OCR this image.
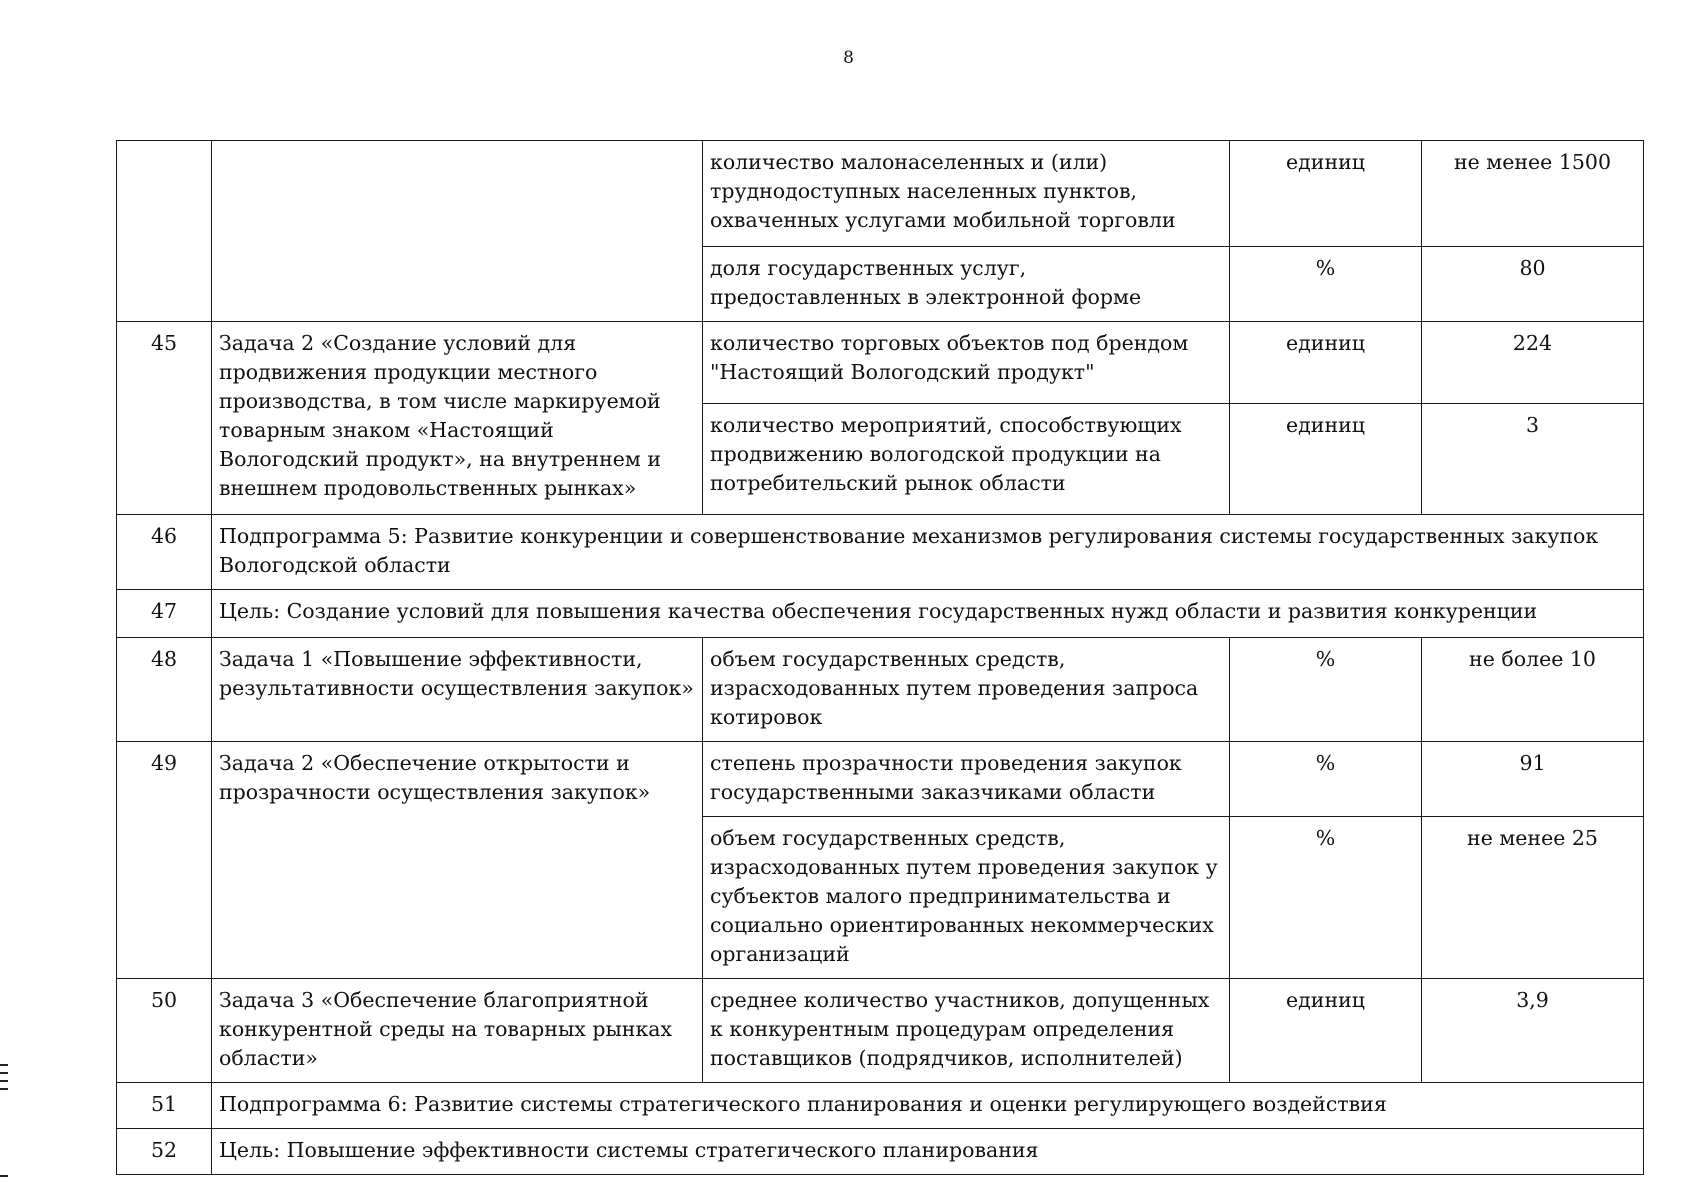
8
		количество малонаселенных и (или) труднодоступных населенных пунктов, охваченных услугами мобильной торговли	единиц	не менее 1500
		доля государственных услуг, предоставленных в электронной форме	%	80
45	Задача 2 «Создание условий для продвижения продукции местного производства, в том числе маркируемой товарным знаком «Настоящий Вологодский продукт», на внутреннем и внешнем продовольственных рынках»	количество торговых объектов под брендом "Настоящий Вологодский продукт"	единиц	224
		количество мероприятий, способствующих продвижению вологодской продукции на потребительский рынок области	единиц	3
46	Подпрограмма 5: Развитие конкуренции и совершенствование механизмов регулирования системы государственных закупок Вологодской области			
47	Цель: Создание условий для повышения качества обеспечения государственных нужд области и развития конкуренции			
48	Задача 1 «Повышение эффективности, результативности осуществления закупок»	объем государственных средств, израсходованных путем проведения запроса котировок	%	не более 10
49	Задача 2 «Обеспечение открытости и прозрачности осуществления закупок»	степень прозрачности проведения закупок государственными заказчиками области	%	91
		объем государственных средств, израсходованных путем проведения закупок у субъектов малого предпринимательства и социально ориентированных некоммерческих организаций	%	не менее 25
50	Задача 3 «Обеспечение благоприятной конкурентной среды на товарных рынках области»	среднее количество участников, допущенных к конкурентным процедурам определения поставщиков (подрядчиков, исполнителей)	единиц	3,9
51	Подпрограмма 6: Развитие системы стратегического планирования и оценки регулирующего воздействия			
52	Цель: Повышение эффективности системы стратегического планирования			
